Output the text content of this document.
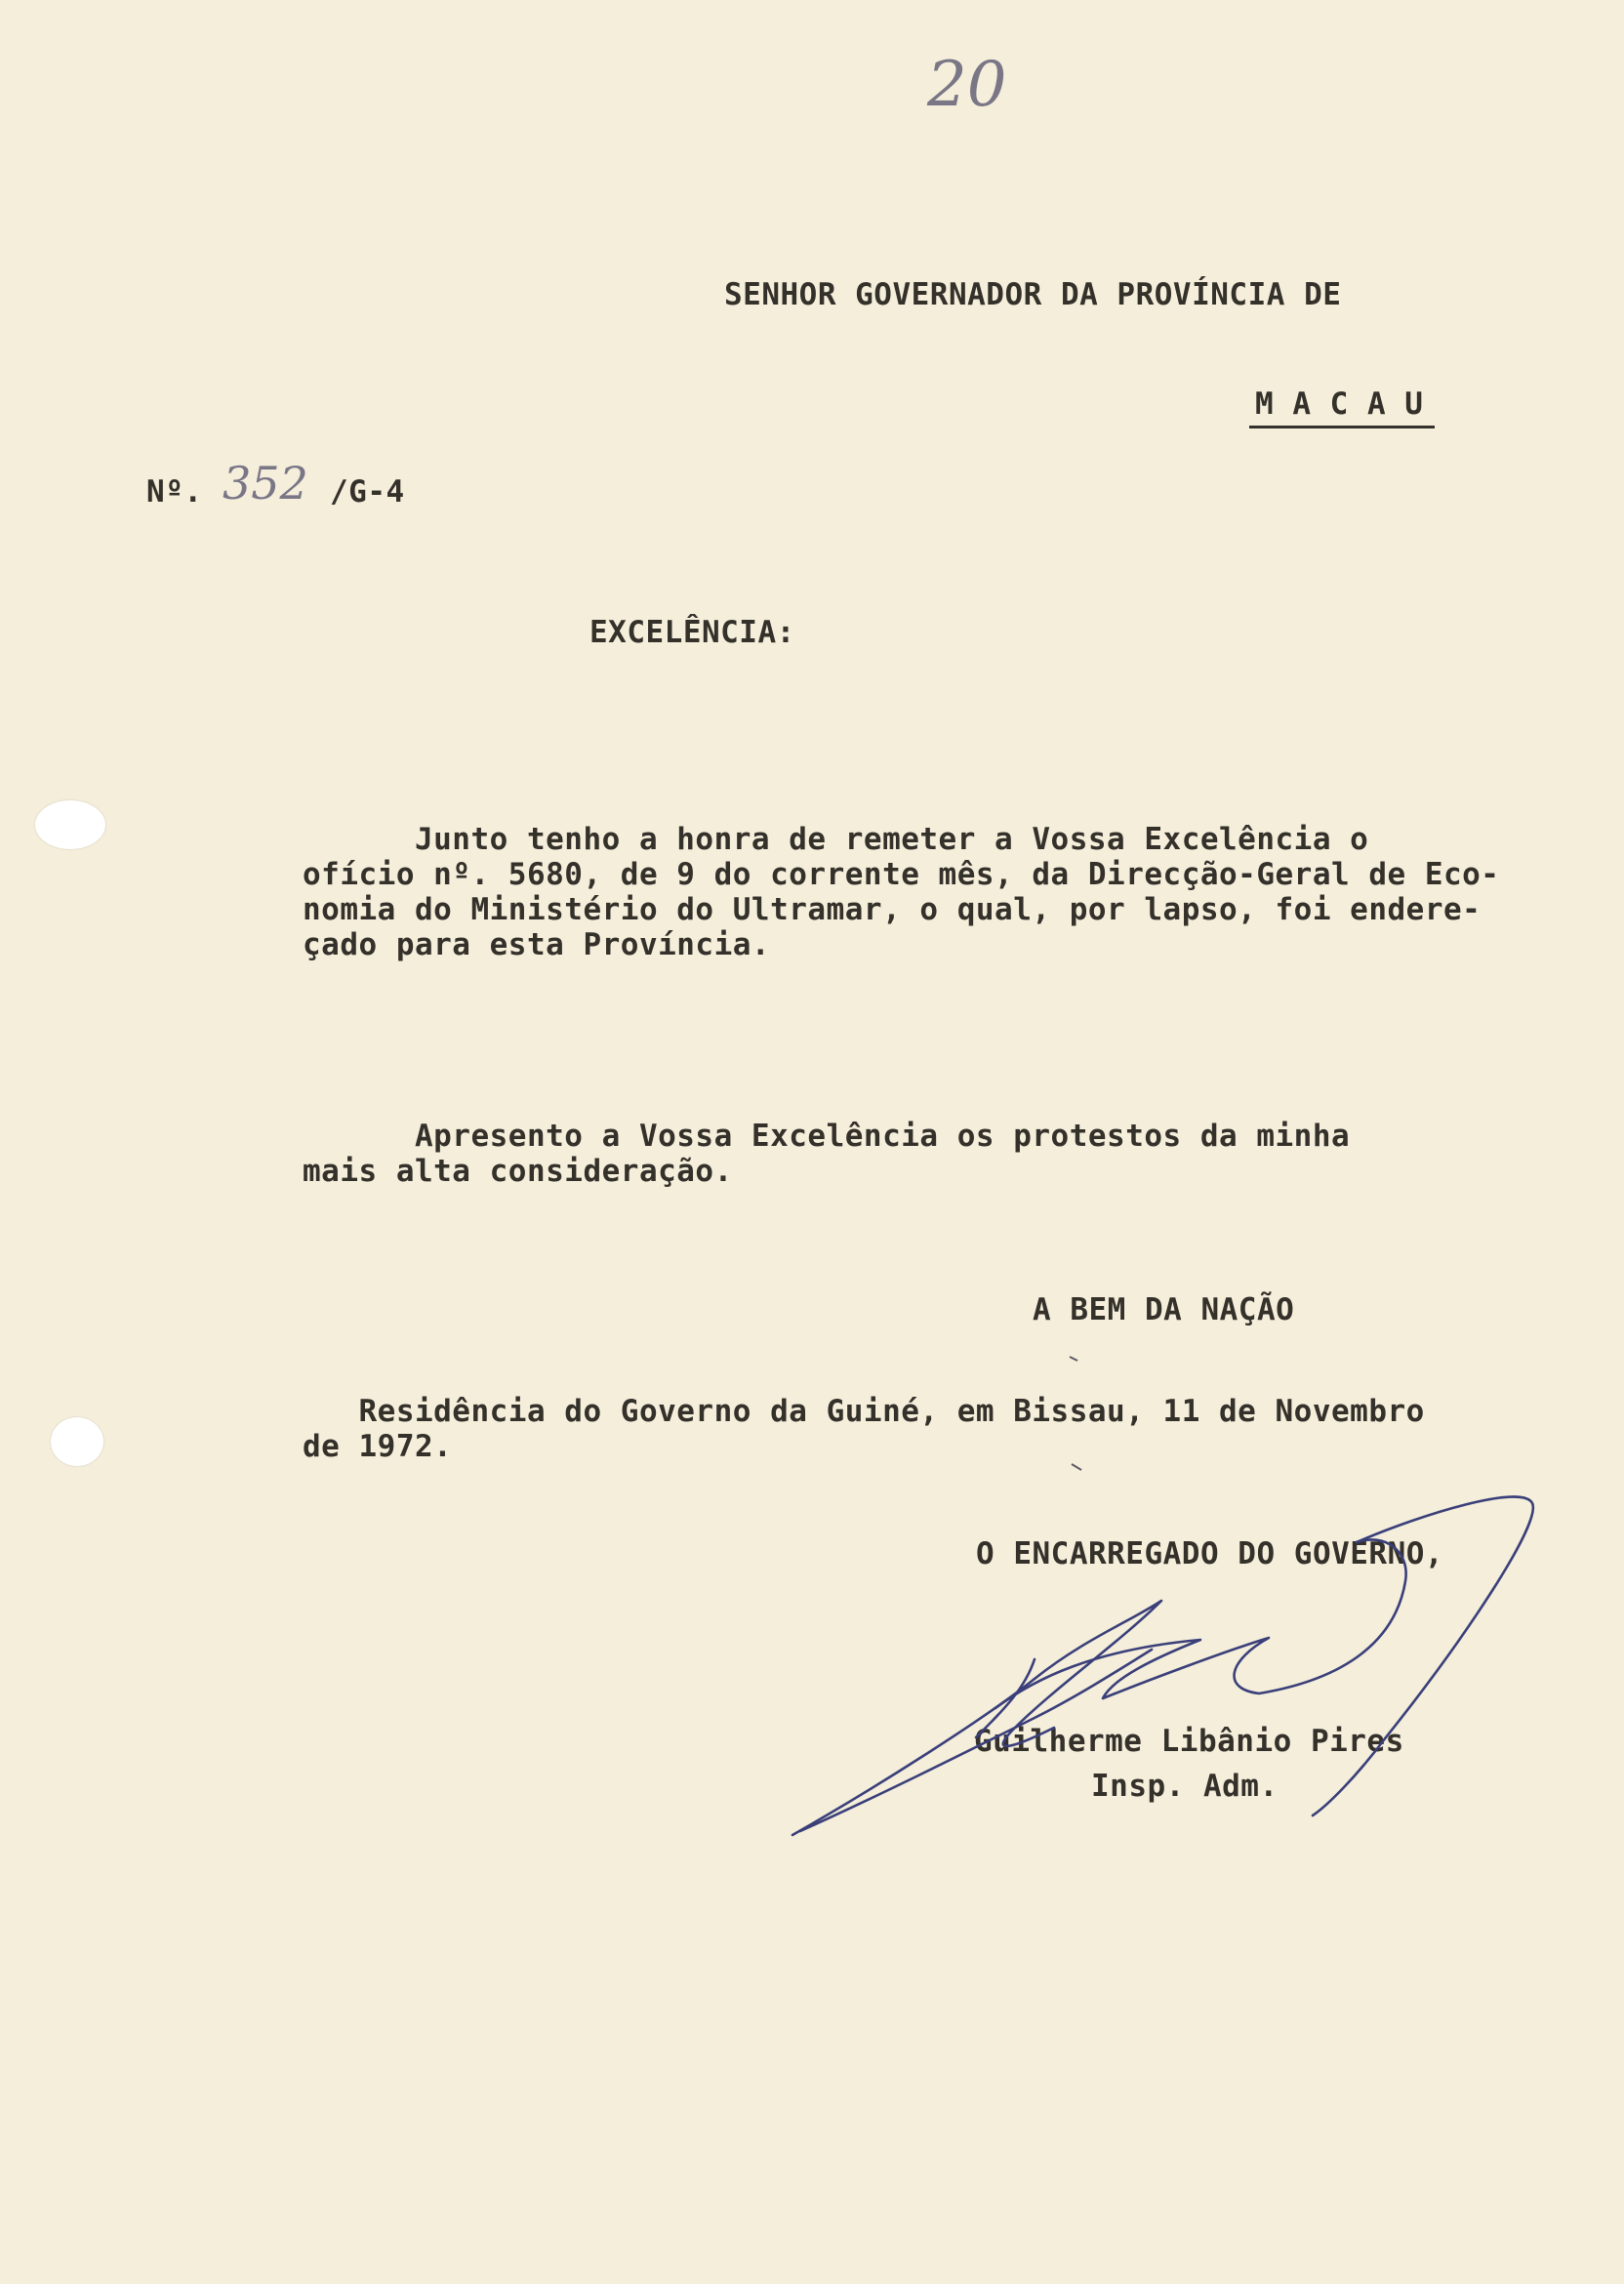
20
SENHOR GOVERNADOR DA PROVÍNCIA DE
M A C A U
Nº. 352 /G-4
EXCELÊNCIA:
Junto tenho a honra de remeter a Vossa Excelência o
ofício nº. 5680, de 9 do corrente mês, da Direcção-Geral de Eco-
nomia do Ministério do Ultramar, o qual, por lapso, foi endere-
çado para esta Província.
Apresento a Vossa Excelência os protestos da minha
mais alta consideração.
A BEM DA NAÇÃO
Residência do Governo da Guiné, em Bissau, 11 de Novembro
de 1972.
O ENCARREGADO DO GOVERNO,
Guilherme Libânio Pires
Insp. Adm.
